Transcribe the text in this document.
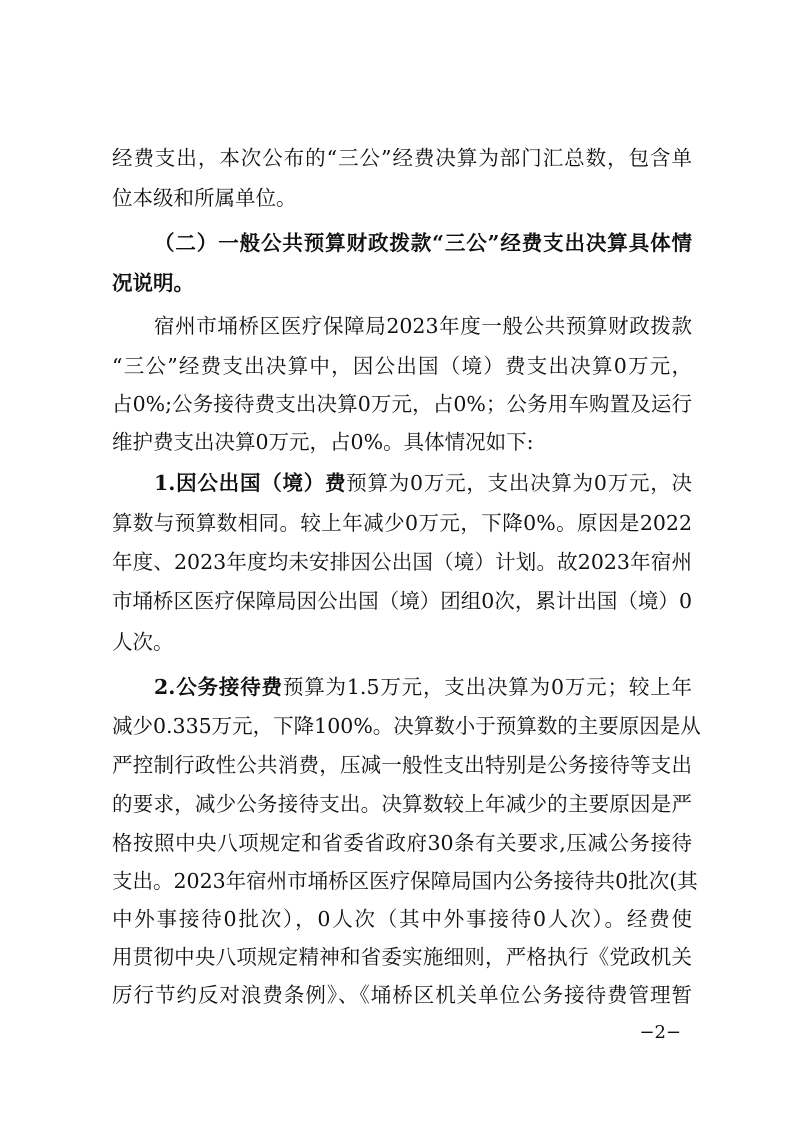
经费支出，本次公布的“三公”经费决算为部门汇总数，包含单
位本级和所属单位。
（二）一般公共预算财政拨款“三公”经费支出决算具体情
况说明。
宿州市埇桥区医疗保障局2023年度一般公共预算财政拨款
“三公”经费支出决算中，因公出国（境）费支出决算0万元，
占0%;公务接待费支出决算0万元，占0%；公务用车购置及运行
维护费支出决算0万元，占0%。具体情况如下:
1.因公出国（境）费预算为0万元，支出决算为0万元，决
算数与预算数相同。较上年减少0万元，下降0%。原因是2022
年度、2023年度均未安排因公出国（境）计划。故2023年宿州
市埇桥区医疗保障局因公出国（境）团组0次，累计出国（境）0
人次。
2.公务接待费预算为1.5万元，支出决算为0万元；较上年
减少0.335万元，下降100%。决算数小于预算数的主要原因是从
严控制行政性公共消费，压减一般性支出特别是公务接待等支出
的要求，减少公务接待支出。决算数较上年减少的主要原因是严
格按照中央八项规定和省委省政府30条有关要求,压减公务接待
支出。2023年宿州市埇桥区医疗保障局国内公务接待共0批次(其
中外事接待0批次），0人次（其中外事接待0人次）。经费使
用贯彻中央八项规定精神和省委实施细则，严格执行《党政机关
厉行节约反对浪费条例》、《埇桥区机关单位公务接待费管理暂
−2−
